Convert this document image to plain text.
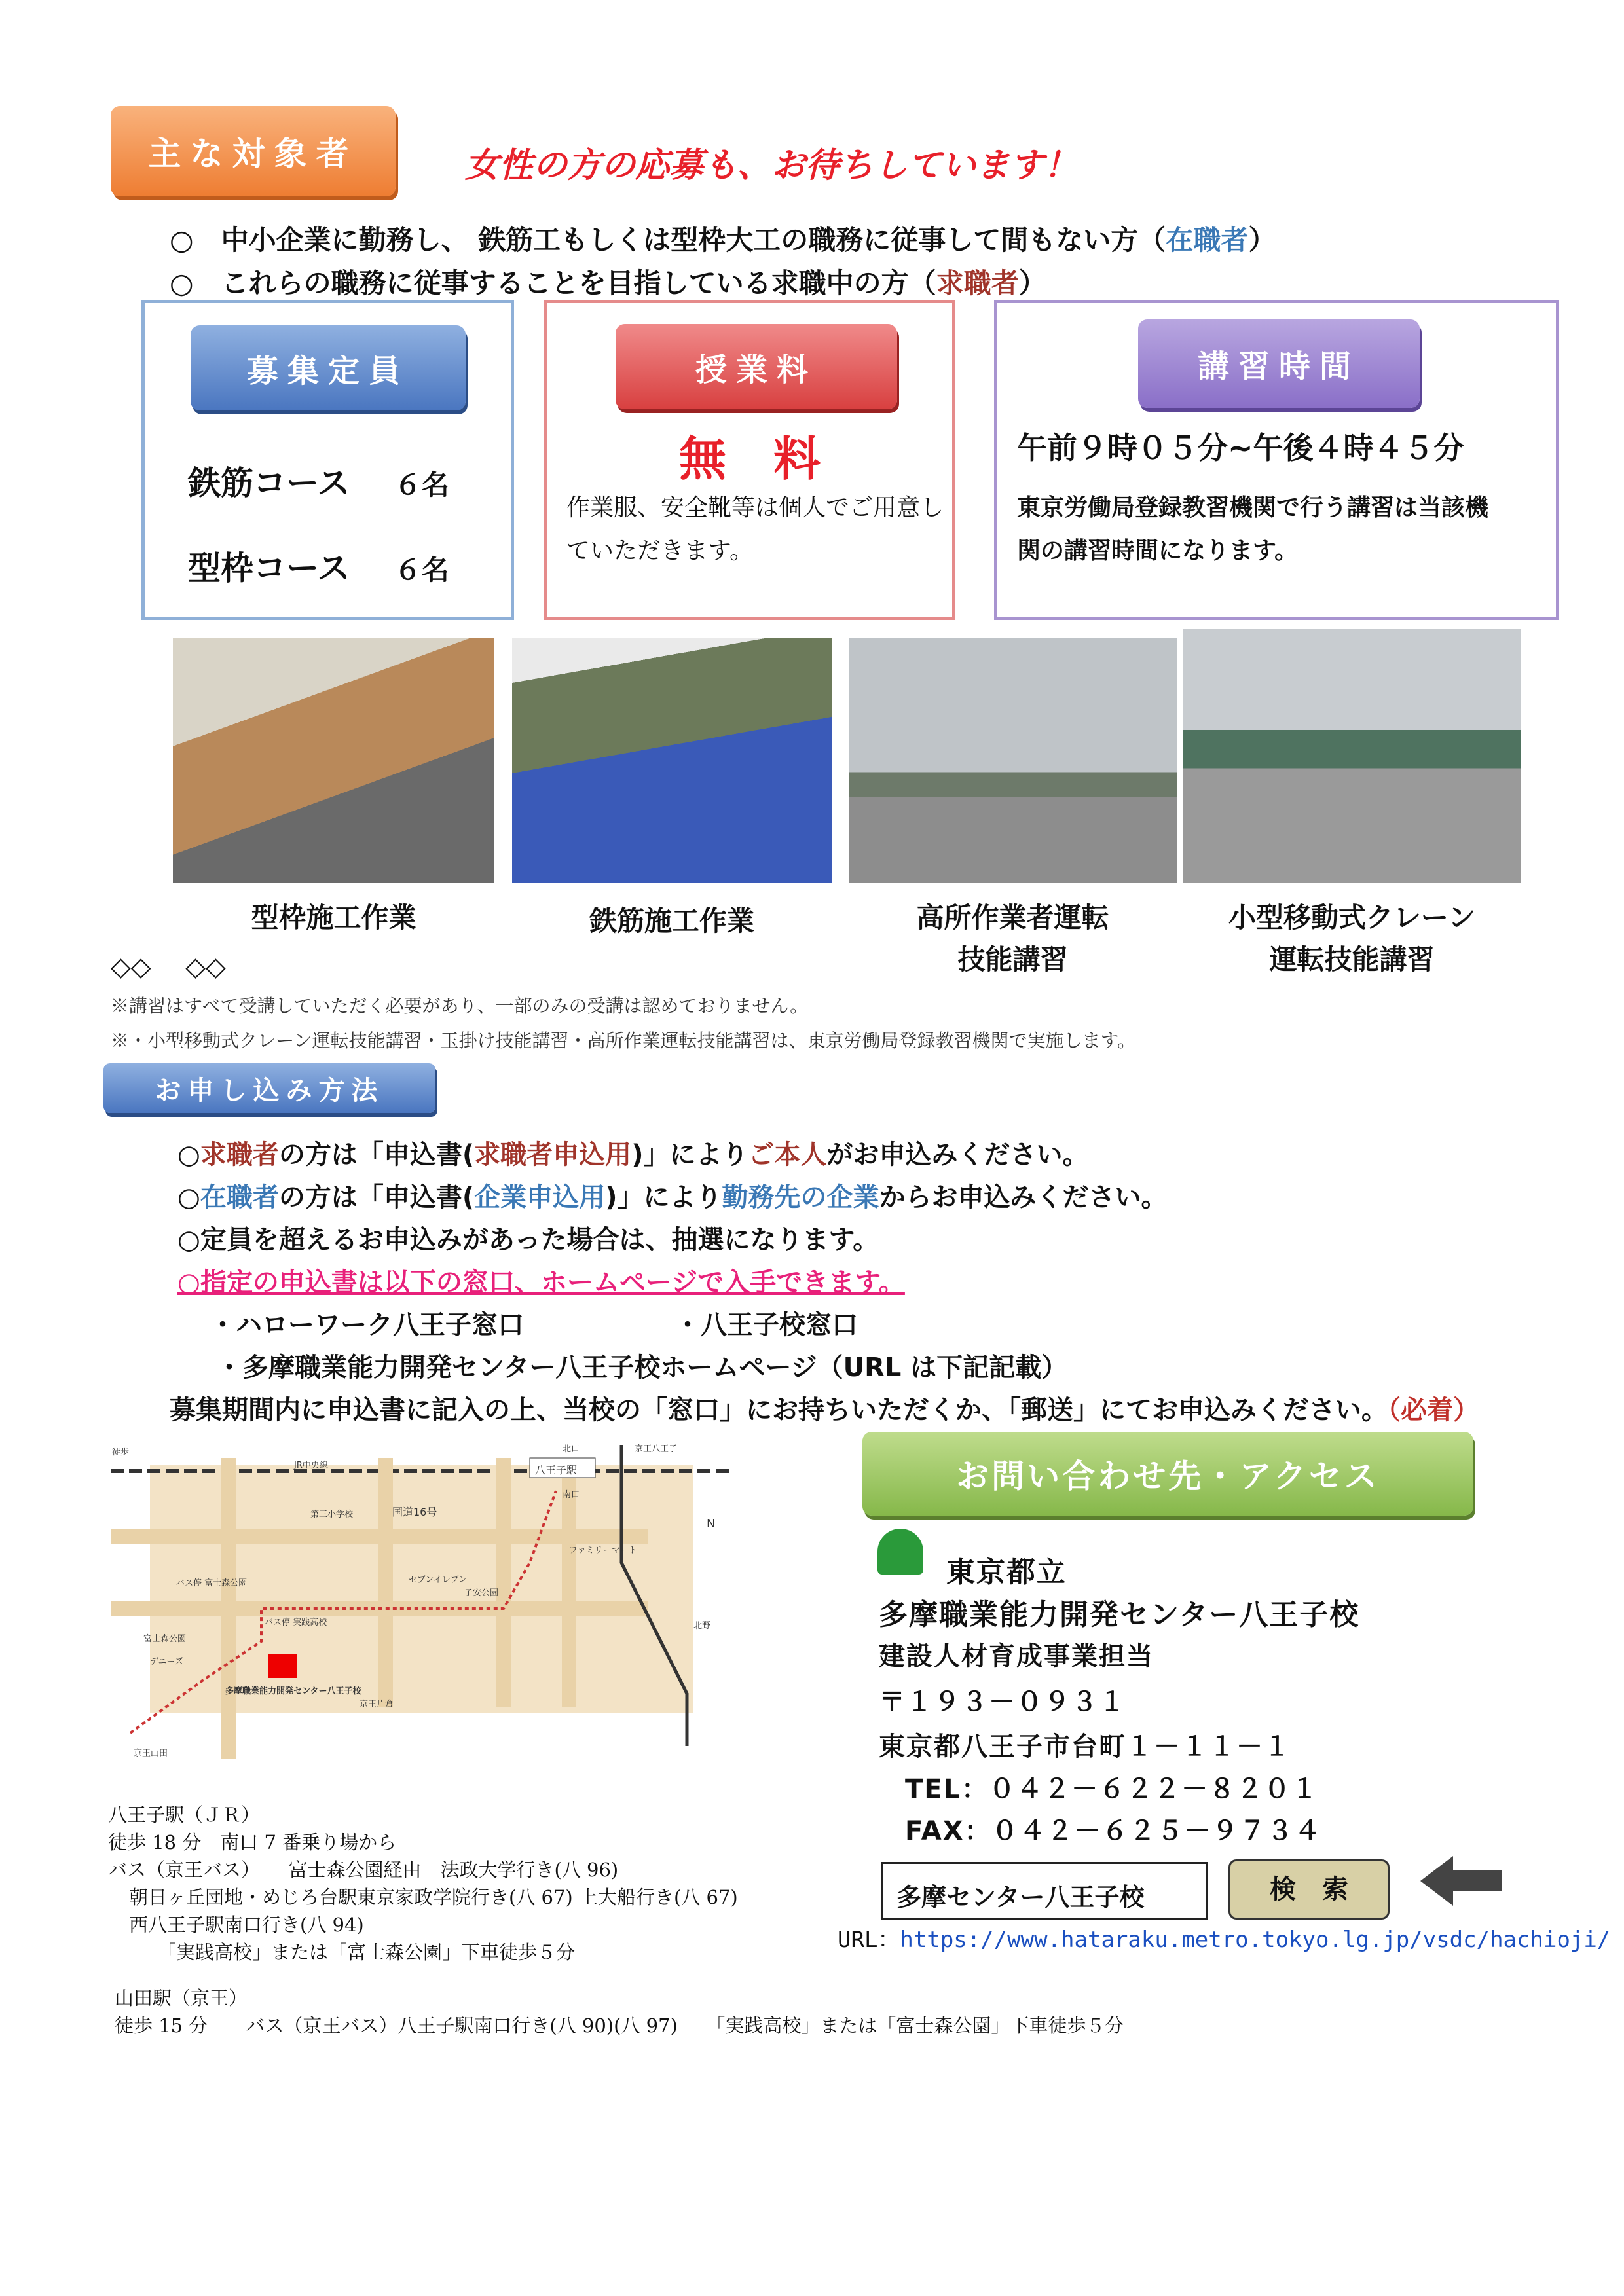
主な対象者	女性の方の応募も、お待ちしています！
○　 中小企業に勤務し、 鉄筋工もしくは型枠大工の職務に従事して間もない方（在職者）
○　 これらの職務に従事することを目指している求職中の方（求職者）
募集定員
鉄筋コース　 ６名
型枠コース　 ６名
授業料
無　料
作業服、安全靴等は個人でご用意していただきます。
講習時間
午前９時０５分~午後４時４５分
東京労働局登録教習機関で行う講習は当該機関の講習時間になります。
型枠施工作業	鉄筋施工作業	高所作業者運転
技能講習
小型移動式クレーン
運転技能講習
◇◇　 ◇◇
※講習はすべて受講していただく必要があり、一部のみの受講は認めておりません。
※・小型移動式クレーン運転技能講習・玉掛け技能講習・高所作業運転技能講習は、東京労働局登録教習機関で実施します。
お申し込み方法
○求職者の方は「申込書(求職者申込用)」によりご本人がお申込みください。
○在職者の方は「申込書(企業申込用)」により勤務先の企業からお申込みください。
○定員を超えるお申込みがあった場合は、抽選になります。
○指定の申込書は以下の窓口、ホームページで入手できます。
・ハローワーク八王子窓口	・八王子校窓口
・多摩職業能力開発センター八王子校ホームページ（URL は下記記載）
募集期間内に申込書に記入の上、当校の「窓口」にお持ちいただくか、「郵送」にてお申込みください。（必着）
徒歩
JR中央線	八王子駅
京王八王子
北口
南口
国道16号
第三小学校
セブンイレブン
ファミリーマート
バス停 富士森公園
バス停 実践高校
富士森公園
デニーズ
多摩職業能力開発センター八王子校
京王片倉
京王山田
北野
子安公園
N
お問い合わせ先・アクセス
東京都立
多摩職業能力開発センター八王子校
建設人材育成事業担当
〒１９３－０９３１
東京都八王子市台町１－１１－１
TEL：０４２－６２２－８２０１
FAX：０４２－６２５－９７３４
多摩センター八王子校	検　索
URL：https://www.hataraku.metro.tokyo.lg.jp/vsdc/hachioji/
八王子駅（ＪＲ）
徒歩 18 分　南口 7 番乗り場から
バス（京王バス）　　富士森公園経由　法政大学行き(八 96)
朝日ヶ丘団地・めじろ台駅東京家政学院行き(八 67) 上大船行き(八 67)
西八王子駅南口行き(八 94)
「実践高校」または「富士森公園」下車徒歩５分
山田駅（京王）
徒歩 15 分　　バス（京王バス）八王子駅南口行き(八 90)(八 97)　　「実践高校」または「富士森公園」下車徒歩５分
